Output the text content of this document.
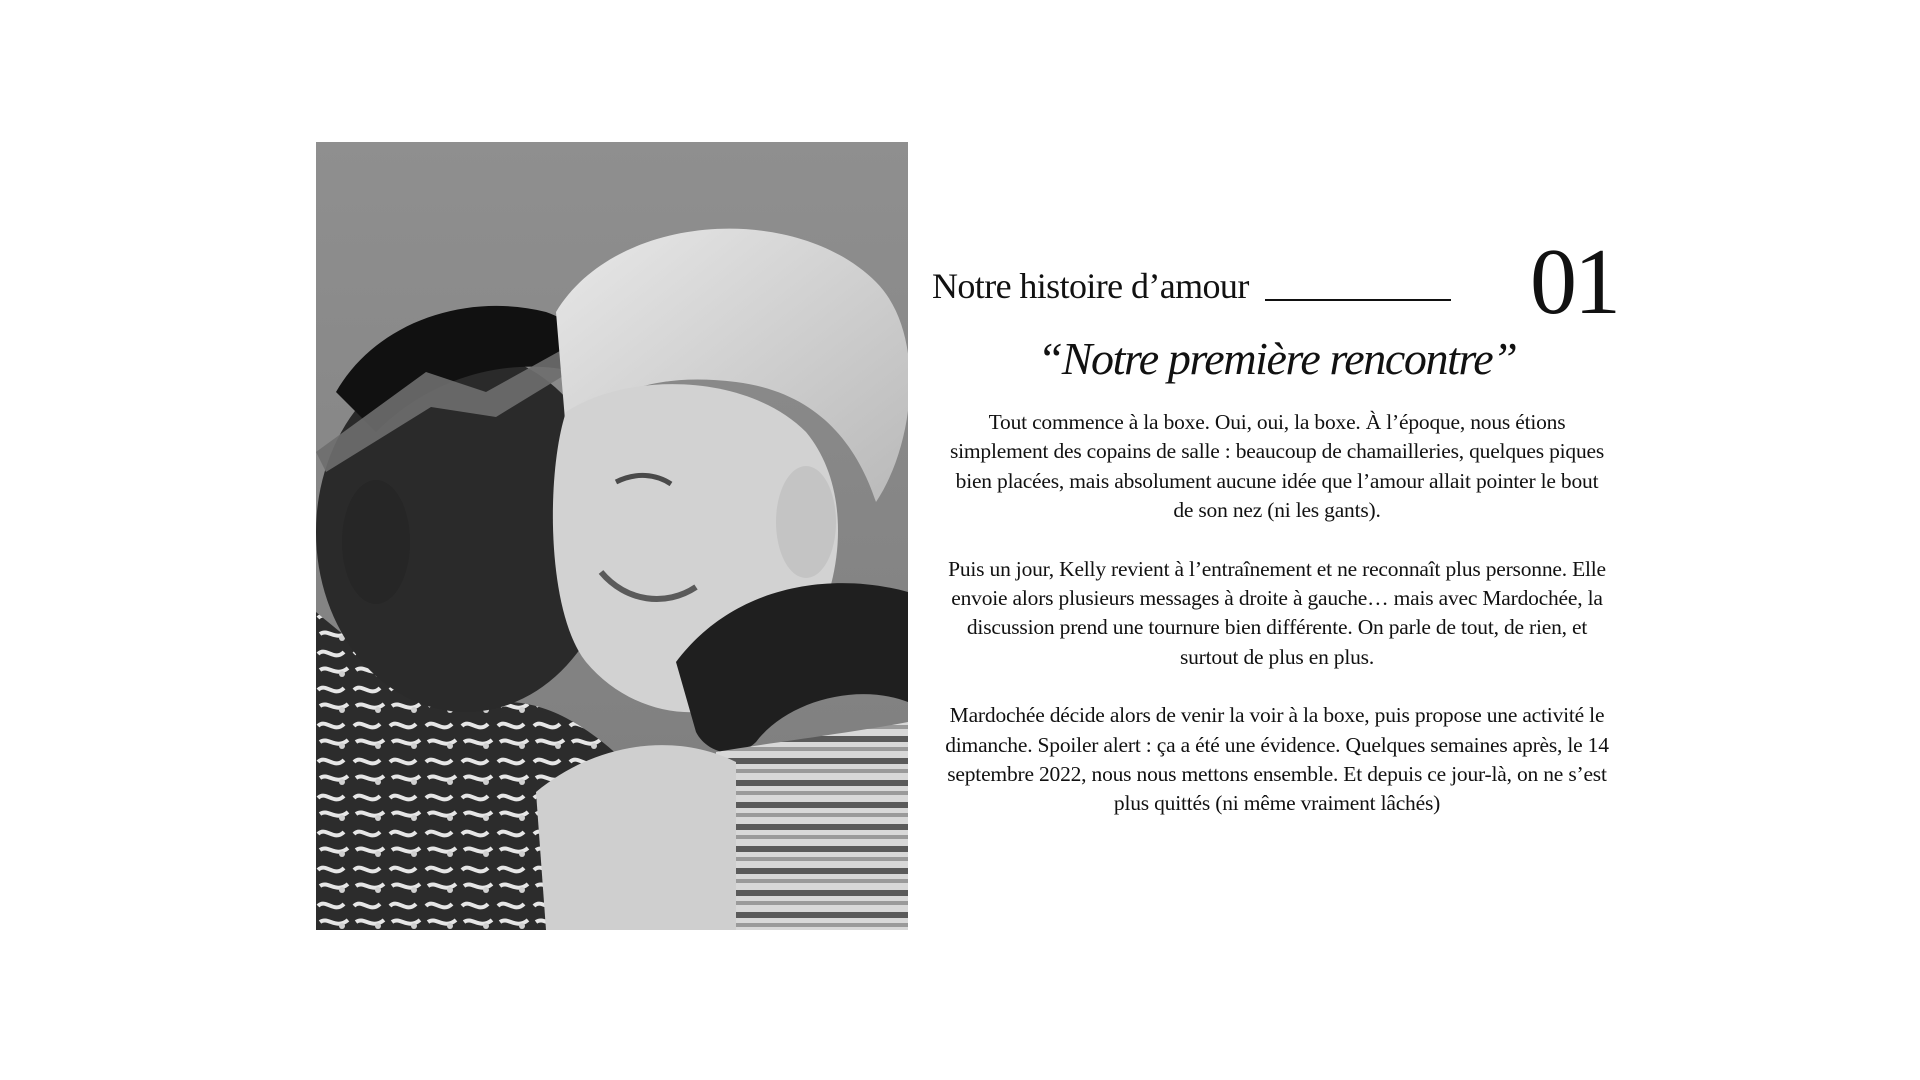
Notre histoire d’amour	01
“Notre première rencontre”

Tout commence à la boxe. Oui, oui, la boxe. À l’époque, nous étions simplement des copains de salle : beaucoup de chamailleries, quelques piques bien placées, mais absolument aucune idée que l’amour allait pointer le bout de son nez (ni les gants).

Puis un jour, Kelly revient à l’entraînement et ne reconnaît plus personne. Elle envoie alors plusieurs messages à droite à gauche… mais avec Mardochée, la discussion prend une tournure bien différente. On parle de tout, de rien, et surtout de plus en plus.

Mardochée décide alors de venir la voir à la boxe, puis propose une activité le dimanche. Spoiler alert : ça a été une évidence. Quelques semaines après, le 14 septembre 2022, nous nous mettons ensemble. Et depuis ce jour-là, on ne s’est plus quittés (ni même vraiment lâchés)
